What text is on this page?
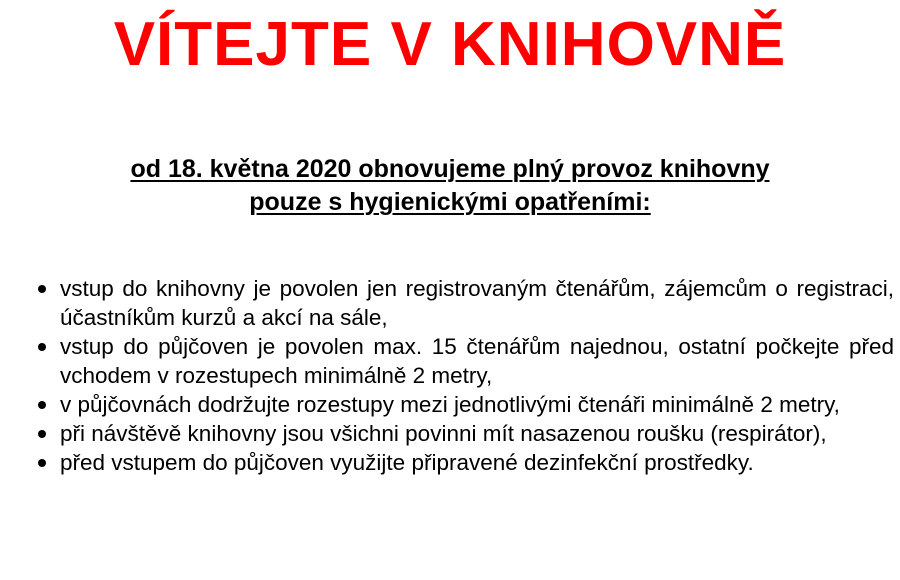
VÍTEJTE V KNIHOVNĚ
od 18. května 2020 obnovujeme plný provoz knihovny
pouze s hygienickými opatřeními:
vstup do knihovny je povolen jen registrovaným čtenářům, zájemcům o registraci, účastníkům kurzů a akcí na sále,
vstup do půjčoven je povolen max. 15 čtenářům najednou, ostatní počkejte před vchodem v rozestupech minimálně 2 metry,
v půjčovnách dodržujte rozestupy mezi jednotlivými čtenáři minimálně 2 metry,
při návštěvě knihovny jsou všichni povinni mít nasazenou roušku (respirátor),
před vstupem do půjčoven využijte připravené dezinfekční prostředky.
